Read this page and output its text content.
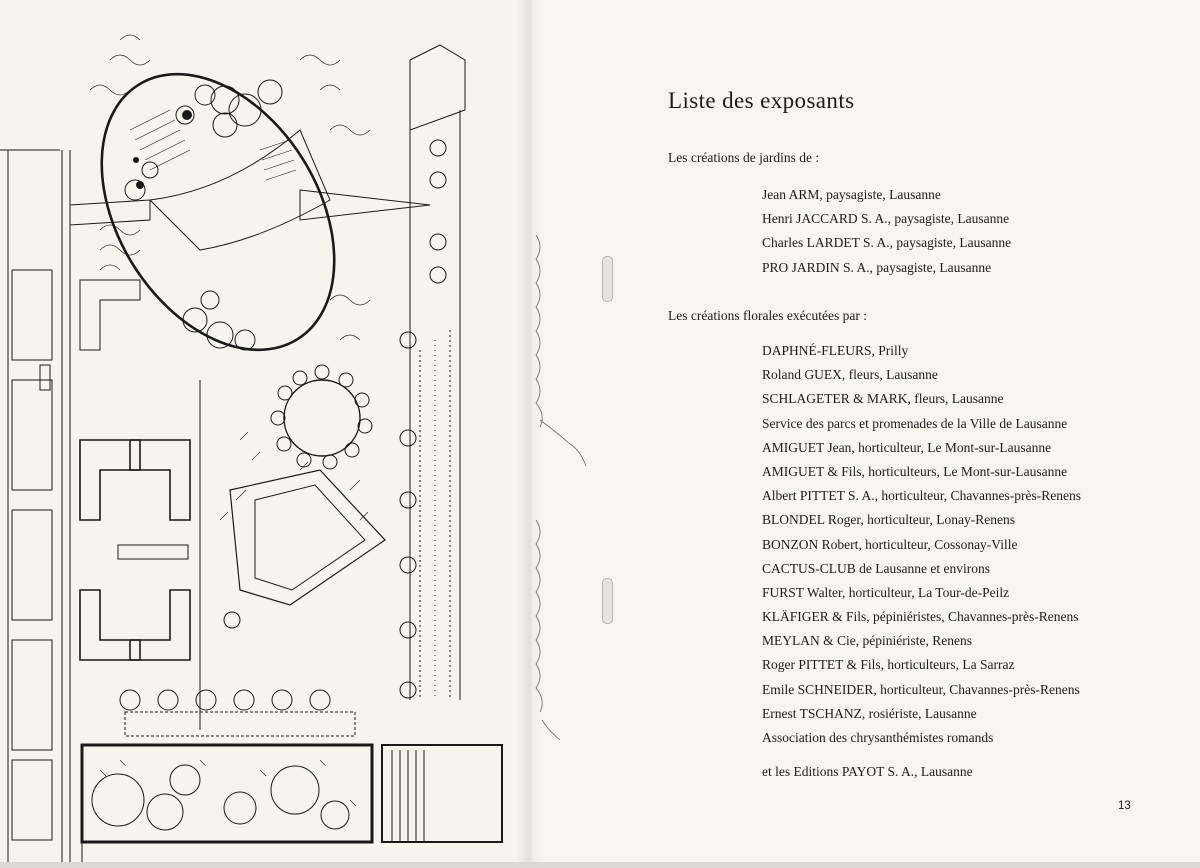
Liste des exposants

Les créations de jardins de :

Jean ARM, paysagiste, Lausanne
Henri JACCARD S. A., paysagiste, Lausanne
Charles LARDET S. A., paysagiste, Lausanne
PRO JARDIN S. A., paysagiste, Lausanne

Les créations florales exécutées par :

DAPHNÉ-FLEURS, Prilly
Roland GUEX, fleurs, Lausanne
SCHLAGETER & MARK, fleurs, Lausanne
Service des parcs et promenades de la Ville de Lausanne
AMIGUET Jean, horticulteur, Le Mont-sur-Lausanne
AMIGUET & Fils, horticulteurs, Le Mont-sur-Lausanne
Albert PITTET S. A., horticulteur, Chavannes-près-Renens
BLONDEL Roger, horticulteur, Lonay-Renens
BONZON Robert, horticulteur, Cossonay-Ville
CACTUS-CLUB de Lausanne et environs
FURST Walter, horticulteur, La Tour-de-Peilz
KLÄFIGER & Fils, pépiniéristes, Chavannes-près-Renens
MEYLAN & Cie, pépiniériste, Renens
Roger PITTET & Fils, horticulteurs, La Sarraz
Emile SCHNEIDER, horticulteur, Chavannes-près-Renens
Ernest TSCHANZ, rosiériste, Lausanne
Association des chrysanthémistes romands

et les Editions PAYOT S. A., Lausanne

13
